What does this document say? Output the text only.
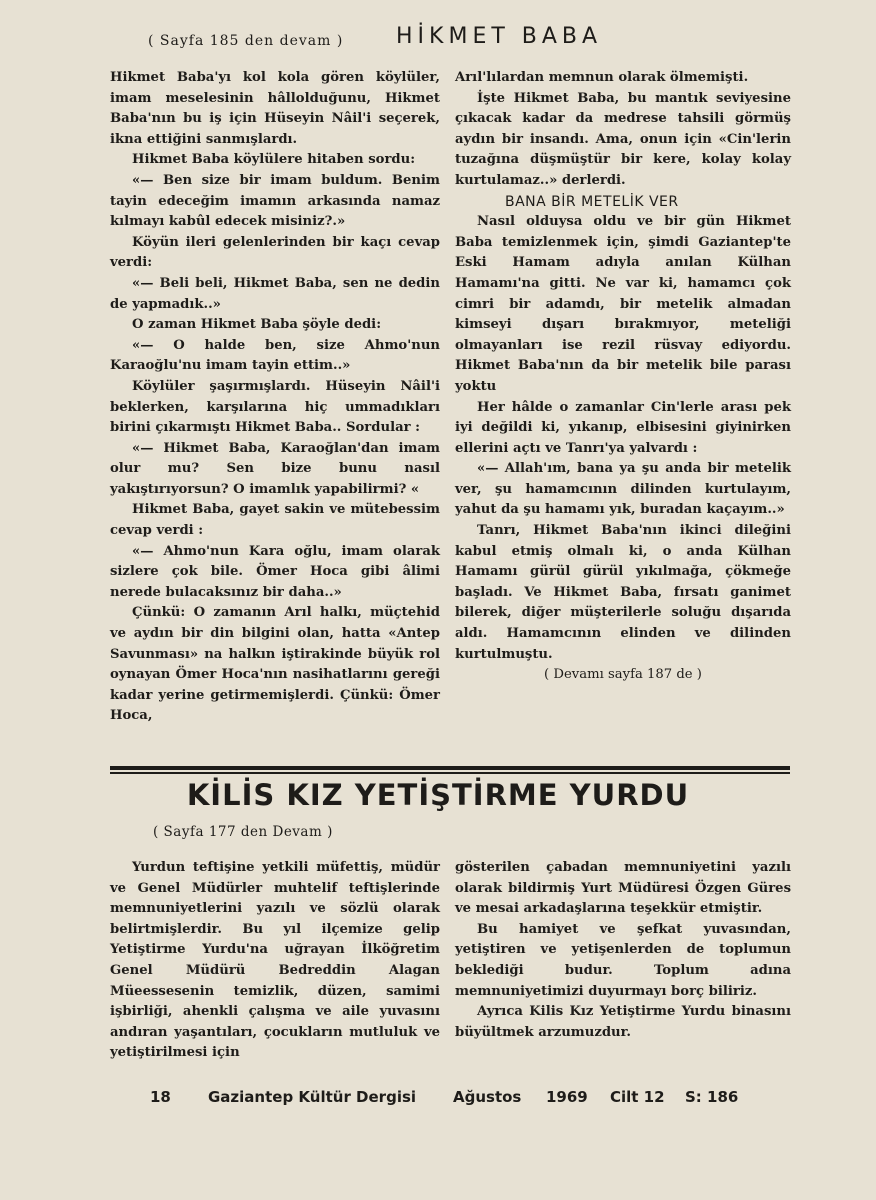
( Sayfa 185 den devam ) HİKMET BABA

Hikmet Baba'yı kol kola gören köylüler, imam meselesinin hâllolduğunu, Hikmet Baba'nın bu iş için Hüseyin Nâil'i seçerek, ikna ettiğini sanmışlardı.

Hikmet Baba köylülere hitaben sordu:

«— Ben size bir imam buldum. Benim tayin edeceğim imamın arkasında namaz kılmayı kabûl edecek misiniz?.»

Köyün ileri gelenlerinden bir kaçı cevap verdi:

«— Beli beli, Hikmet Baba, sen ne dedin de yapmadık..»

O zaman Hikmet Baba şöyle dedi:

«— O halde ben, size Ahmo'nun Karaoğlu'nu imam tayin ettim..»

Köylüler şaşırmışlardı. Hüseyin Nâil'i beklerken, karşılarına hiç ummadıkları birini çıkarmıştı Hikmet Baba.. Sordular :

«— Hikmet Baba, Karaoğlan'dan imam olur mu? Sen bize bunu nasıl yakıştırıyorsun? O imamlık yapabilirmi? «

Hikmet Baba, gayet sakin ve mütebessim cevap verdi :

«— Ahmo'nun Kara oğlu, imam olarak sizlere çok bile. Ömer Hoca gibi âlimi nerede bulacaksınız bir daha..»

Çünkü: O zamanın Arıl halkı, müçtehid ve aydın bir din bilgini olan, hatta «Antep Savunması» na halkın iştirakinde büyük rol oynayan Ömer Hoca'nın nasihatlarını gereği kadar yerine getirmemişlerdi. Çünkü: Ömer Hoca,

Arıl'lılardan memnun olarak ölmemişti.

İşte Hikmet Baba, bu mantık seviyesine çıkacak kadar da medrese tahsili görmüş aydın bir insandı. Ama, onun için «Cin'lerin tuzağına düşmüştür bir kere, kolay kolay kurtulamaz..» derlerdi.

BANA BİR METELİK VER

Nasıl olduysa oldu ve bir gün Hikmet Baba temizlenmek için, şimdi Gaziantep'te Eski Hamam adıyla anılan Külhan Hamamı'na gitti. Ne var ki, hamamcı çok cimri bir adamdı, bir metelik almadan kimseyi dışarı bırakmıyor, meteliği olmayanları ise rezil rüsvay ediyordu. Hikmet Baba'nın da bir metelik bile parası yoktu

Her hâlde o zamanlar Cin'lerle arası pek iyi değildi ki, yıkanıp, elbisesini giyinirken ellerini açtı ve Tanrı'ya yalvardı :

«— Allah'ım, bana ya şu anda bir metelik ver, şu hamamcının dilinden kurtulayım, yahut da şu hamamı yık, buradan kaçayım..»

Tanrı, Hikmet Baba'nın ikinci dileğini kabul etmiş olmalı ki, o anda Külhan Hamamı gürül gürül yıkılmağa, çökmeğe başladı. Ve Hikmet Baba, fırsatı ganimet bilerek, diğer müşterilerle soluğu dışarıda aldı. Hamamcının elinden ve dilinden kurtulmuştu.

( Devamı sayfa 187 de )

KİLİS KIZ YETİŞTİRME YURDU
( Sayfa 177 den Devam )

Yurdun teftişine yetkili müfettiş, müdür ve Genel Müdürler muhtelif teftişlerinde memnuniyetlerini yazılı ve sözlü olarak belirtmişlerdir. Bu yıl ilçemize gelip Yetiştirme Yurdu'na uğrayan İlköğretim Genel Müdürü Bedreddin Alagan Müeessesenin temizlik, düzen, samimi işbirliği, ahenkli çalışma ve aile yuvasını andıran yaşantıları, çocukların mutluluk ve yetiştirilmesi için

gösterilen çabadan memnuniyetini yazılı olarak bildirmiş Yurt Müdüresi Özgen Güres ve mesai arkadaşlarına teşekkür etmiştir.

Bu hamiyet ve şefkat yuvasından, yetiştiren ve yetişenlerden de toplumun beklediği budur. Toplum adına memnuniyetimizi duyurmayı borç biliriz.

Ayrıca Kilis Kız Yetiştirme Yurdu binasını büyültmek arzumuzdur.

18 Gaziantep Kültür Dergisi Ağustos 1969 Cilt 12 S: 186
